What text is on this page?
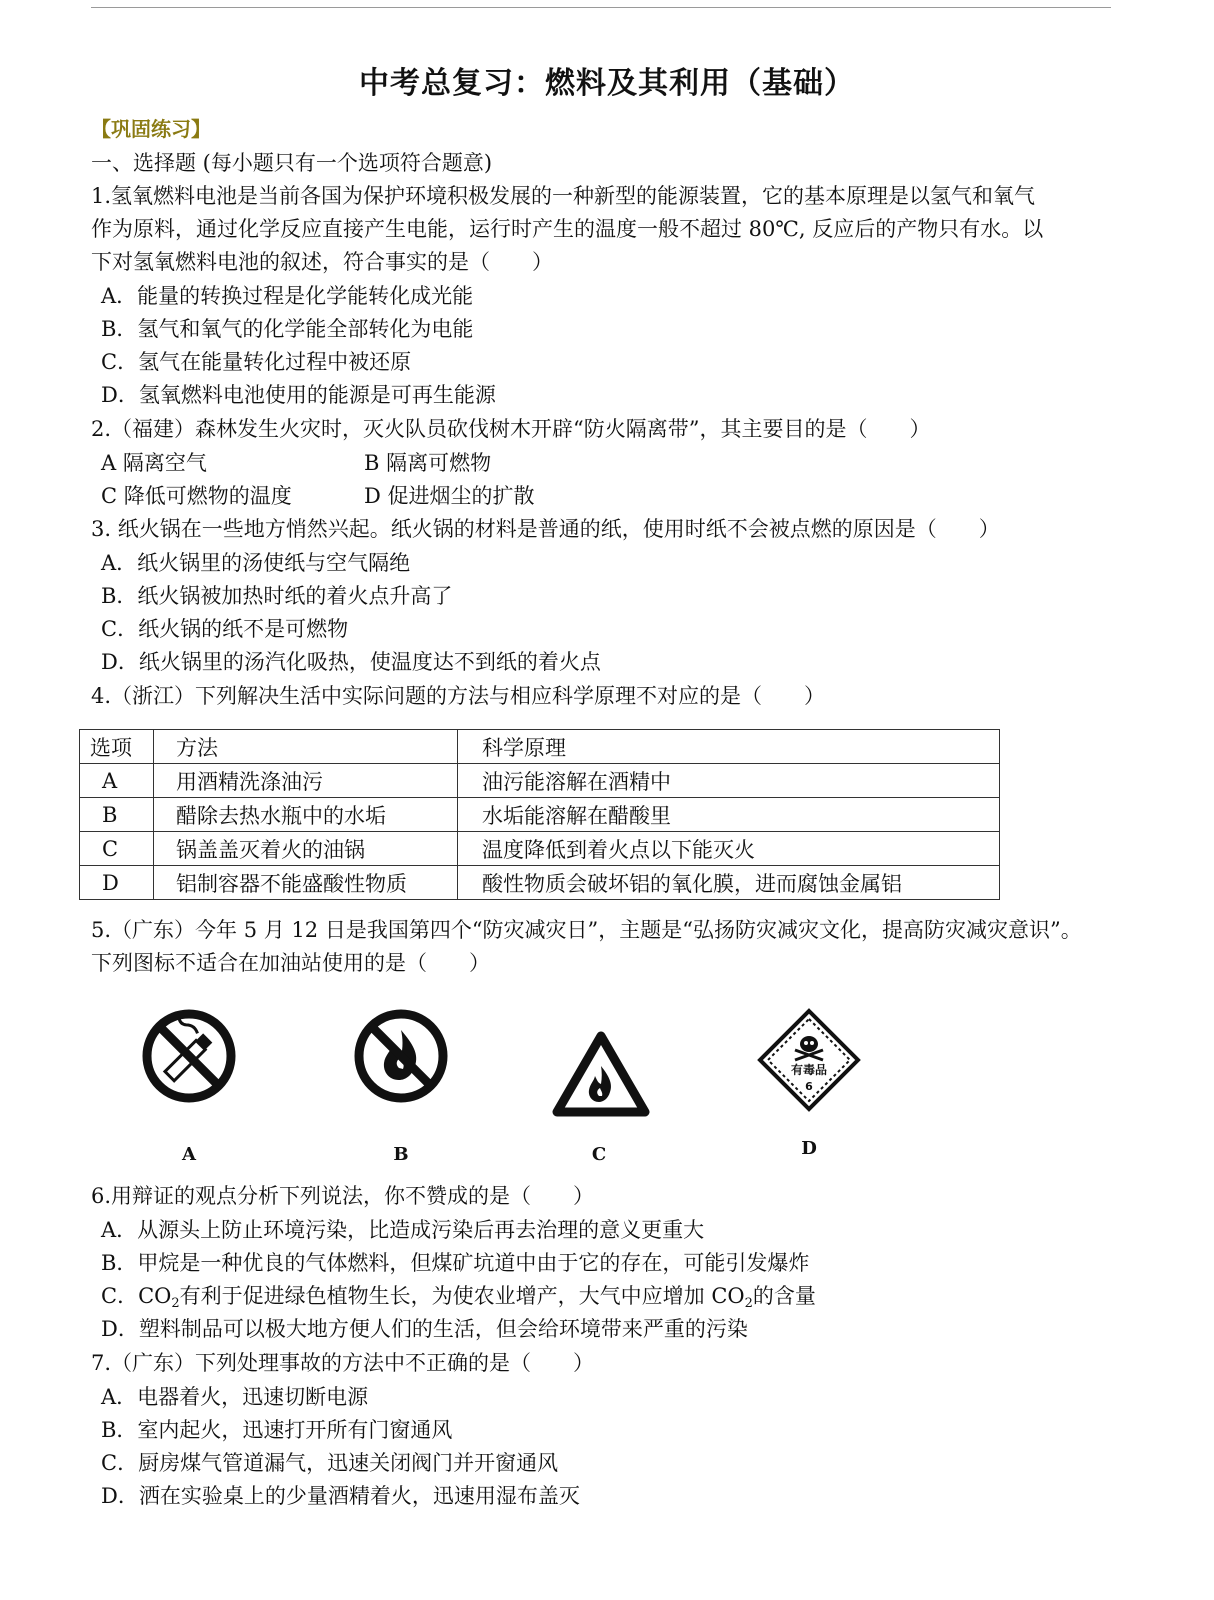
中考总复习：燃料及其利用（基础）
【巩固练习】
一、选择题 (每小题只有一个选项符合题意)
1.氢氧燃料电池是当前各国为保护环境积极发展的一种新型的能源装置，它的基本原理是以氢气和氧气
作为原料，通过化学反应直接产生电能，运行时产生的温度一般不超过 80℃, 反应后的产物只有水。以
下对氢氧燃料电池的叙述，符合事实的是（　　）
A．能量的转换过程是化学能转化成光能
B．氢气和氧气的化学能全部转化为电能
C．氢气在能量转化过程中被还原
D．氢氧燃料电池使用的能源是可再生能源
2.（福建）森林发生火灾时，灭火队员砍伐树木开辟“防火隔离带”，其主要目的是（　　）
A 隔离空气	B 隔离可燃物
C 降低可燃物的温度	D 促进烟尘的扩散
3. 纸火锅在一些地方悄然兴起。纸火锅的材料是普通的纸，使用时纸不会被点燃的原因是（　　）
A．纸火锅里的汤使纸与空气隔绝
B．纸火锅被加热时纸的着火点升高了
C．纸火锅的纸不是可燃物
D．纸火锅里的汤汽化吸热，使温度达不到纸的着火点
4.（浙江）下列解决生活中实际问题的方法与相应科学原理不对应的是（　　）
选项	方法	科学原理
A	用酒精洗涤油污	油污能溶解在酒精中
B	醋除去热水瓶中的水垢	水垢能溶解在醋酸里
C	锅盖盖灭着火的油锅	温度降低到着火点以下能灭火
D	铝制容器不能盛酸性物质	酸性物质会破坏铝的氧化膜，进而腐蚀金属铝
5.（广东）今年 5 月 12 日是我国第四个“防灾减灾日”，主题是“弘扬防灾减灾文化，提高防灾减灾意识”。
下列图标不适合在加油站使用的是（　　）
A	B	C
有毒品
6
D
6.用辩证的观点分析下列说法，你不赞成的是（　　）
A．从源头上防止环境污染，比造成污染后再去治理的意义更重大
B．甲烷是一种优良的气体燃料，但煤矿坑道中由于它的存在，可能引发爆炸
C．$CO_2$有利于促进绿色植物生长，为使农业增产，大气中应增加 $CO_2$的含量
D．塑料制品可以极大地方便人们的生活，但会给环境带来严重的污染
7.（广东）下列处理事故的方法中不正确的是（　　）
A．电器着火，迅速切断电源
B．室内起火，迅速打开所有门窗通风
C．厨房煤气管道漏气，迅速关闭阀门并开窗通风
D．洒在实验桌上的少量酒精着火，迅速用湿布盖灭
